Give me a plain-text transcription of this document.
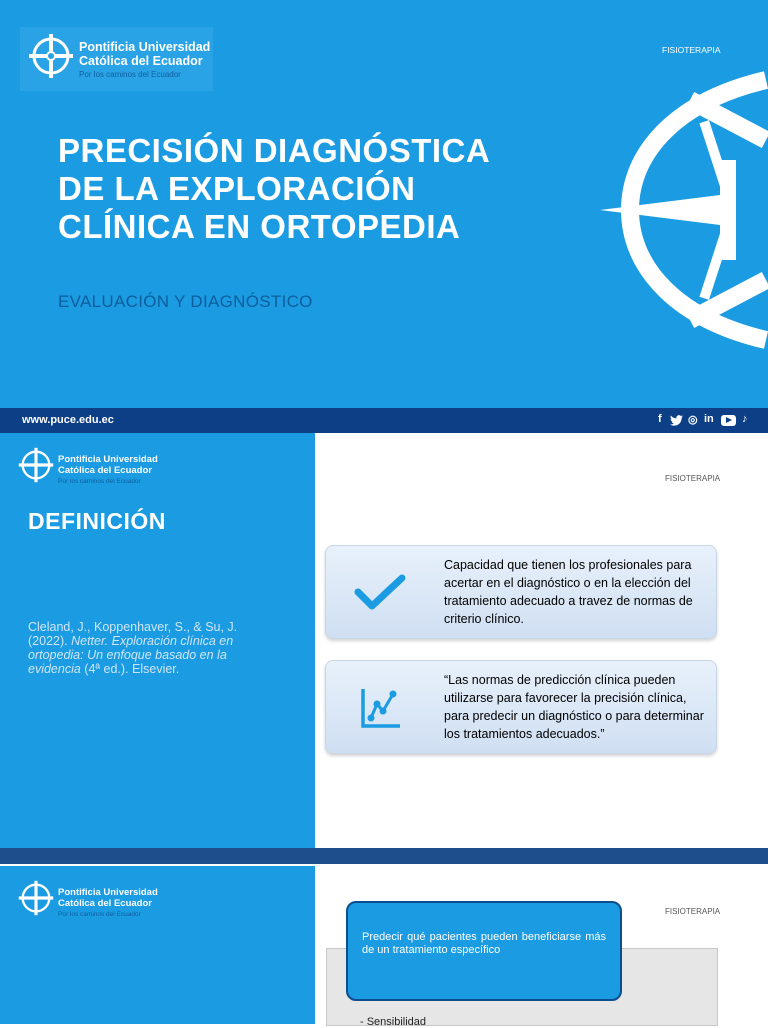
Pontificia Universidad
Católica del Ecuador
Por los caminos del Ecuador
FISIOTERAPIA
PRECISIÓN DIAGNÓSTICA
DE LA EXPLORACIÓN
CLÍNICA EN ORTOPEDIA
EVALUACIÓN Y DIAGNÓSTICO
www.puce.edu.ec	f ◎ in	♪
Pontificia Universidad
Católica del Ecuador
Por los caminos del Ecuador
DEFINICIÓN
Cleland, J., Koppenhaver, S., & Su, J. (2022). Netter. Exploración clínica en ortopedia: Un enfoque basado en la evidencia (4ª ed.). Elsevier.
FISIOTERAPIA
Capacidad que tienen los profesionales para acertar en el diagnóstico o en la elección del tratamiento adecuado a travez de normas de criterio clínico.
“Las normas de predicción clínica pueden utilizarse para favorecer la precisión clínica, para predecir un diagnóstico o para determinar los tratamientos adecuados.”
Pontificia Universidad
Católica del Ecuador
Por los caminos del Ecuador	FISIOTERAPIA
- Sensibilidad
Predecir qué pacientes pueden beneficiarse más de un tratamiento específico
